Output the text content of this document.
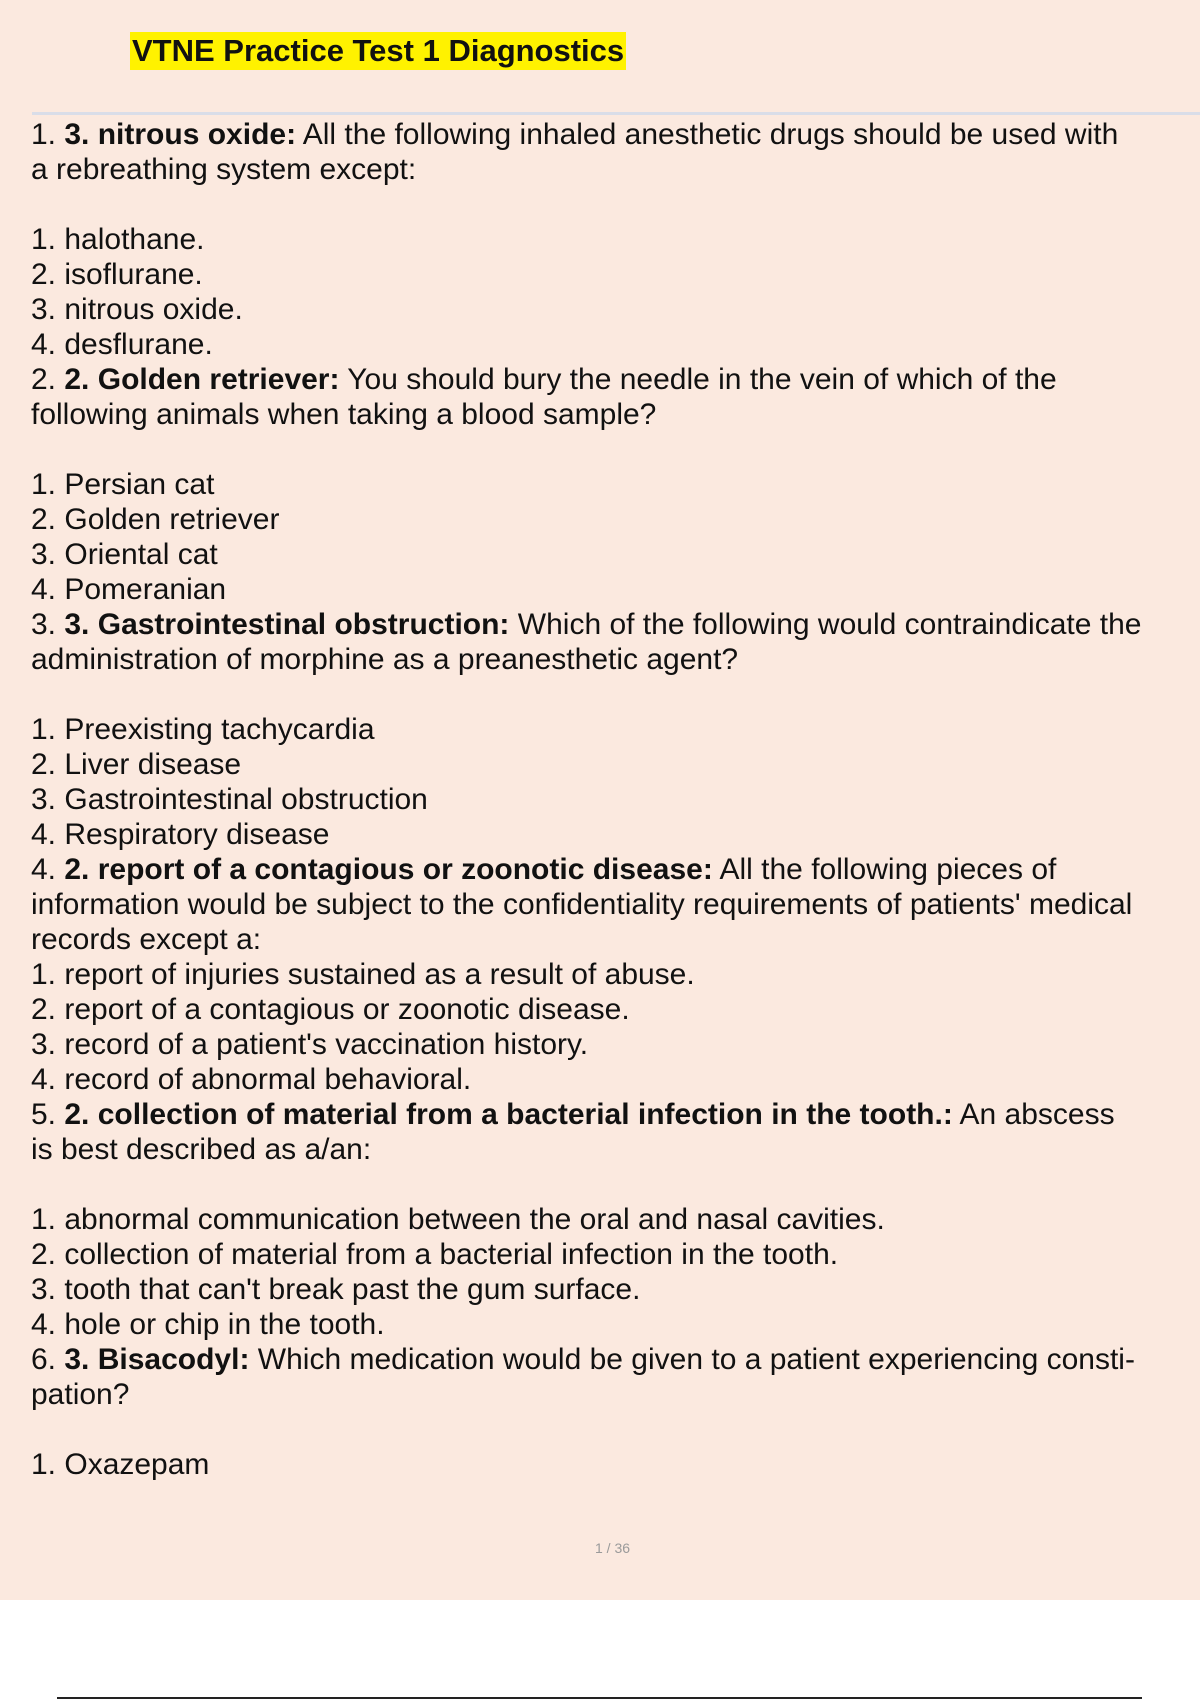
VTNE Practice Test 1 Diagnostics
1. 3. nitrous oxide: All the following inhaled anesthetic drugs should be used with
a rebreathing system except:
1. halothane.
2. isoflurane.
3. nitrous oxide.
4. desflurane.
2. 2. Golden retriever: You should bury the needle in the vein of which of the
following animals when taking a blood sample?
1. Persian cat
2. Golden retriever
3. Oriental cat
4. Pomeranian
3. 3. Gastrointestinal obstruction: Which of the following would contraindicate the
administration of morphine as a preanesthetic agent?
1. Preexisting tachycardia
2. Liver disease
3. Gastrointestinal obstruction
4. Respiratory disease
4. 2. report of a contagious or zoonotic disease: All the following pieces of
information would be subject to the confidentiality requirements of patients' medical
records except a:
1. report of injuries sustained as a result of abuse.
2. report of a contagious or zoonotic disease.
3. record of a patient's vaccination history.
4. record of abnormal behavioral.
5. 2. collection of material from a bacterial infection in the tooth.: An abscess
is best described as a/an:
1. abnormal communication between the oral and nasal cavities.
2. collection of material from a bacterial infection in the tooth.
3. tooth that can't break past the gum surface.
4. hole or chip in the tooth.
6. 3. Bisacodyl: Which medication would be given to a patient experiencing consti-
pation?
1. Oxazepam
1 / 36
